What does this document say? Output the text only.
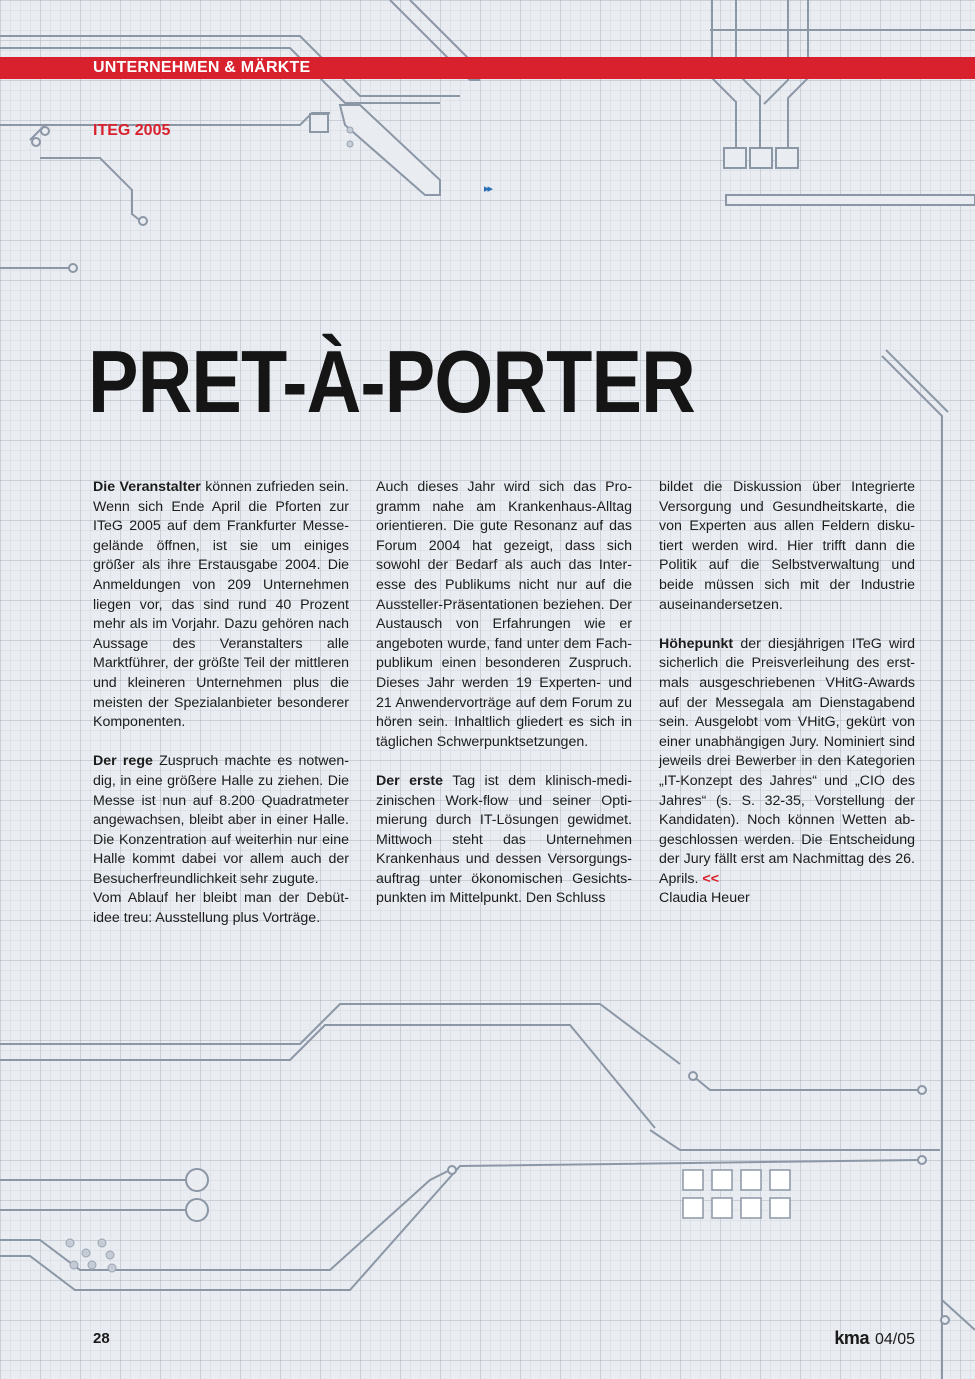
UNTERNEHMEN & MÄRKTE
ITEG 2005
▸▸
PRET-À-PORTER

Die Veranstalter können zufrieden sein. Wenn sich Ende April die Pforten zur ITeG 2005 auf dem Frankfurter Messegelände öffnen, ist sie um einiges größer als ihre Erstausgabe 2004. Die Anmeldungen von 209 Unternehmen liegen vor, das sind rund 40 Prozent mehr als im Vorjahr. Dazu gehören nach Aussage des Veranstalters alle Marktführer, der größte Teil der mittleren und kleineren Unternehmen plus die meisten der Spezialanbieter besonderer Komponenten.

Der rege Zuspruch machte es notwendig, in eine größere Halle zu ziehen. Die Messe ist nun auf 8.200 Quadratmeter angewachsen, bleibt aber in einer Halle. Die Konzentration auf weiterhin nur eine Halle kommt dabei vor allem auch der Besucherfreundlichkeit sehr zugute.

Vom Ablauf her bleibt man der Debütidee treu: Ausstellung plus Vorträge.

Auch dieses Jahr wird sich das Programm nahe am Krankenhaus-Alltag orientieren. Die gute Resonanz auf das Forum 2004 hat gezeigt, dass sich sowohl der Bedarf als auch das Interesse des Publikums nicht nur auf die Aussteller-Präsentationen beziehen. Der Austausch von Erfahrungen wie er angeboten wurde, fand unter dem Fachpublikum einen besonderen Zuspruch. Dieses Jahr werden 19 Experten- und 21 Anwendervorträge auf dem Forum zu hören sein. Inhaltlich gliedert es sich in täglichen Schwerpunktsetzungen.

Der erste Tag ist dem klinisch-medizinischen Work-flow und seiner Optimierung durch IT-Lösungen gewidmet. Mittwoch steht das Unternehmen Krankenhaus und dessen Versorgungsauftrag unter ökonomischen Gesichtspunkten im Mittelpunkt. Den Schluss

bildet die Diskussion über Integrierte Versorgung und Gesundheitskarte, die von Experten aus allen Feldern diskutiert werden wird. Hier trifft dann die Politik auf die Selbstverwaltung und beide müssen sich mit der Industrie auseinandersetzen.

Höhepunkt der diesjährigen ITeG wird sicherlich die Preisverleihung des erstmals ausgeschriebenen VHitG-Awards auf der Messegala am Dienstagabend sein. Ausgelobt vom VHitG, gekürt von einer unabhängigen Jury. Nominiert sind jeweils drei Bewerber in den Kategorien „IT-Konzept des Jahres“ und „CIO des Jahres“ (s. S. 32-35, Vorstellung der Kandidaten). Noch können Wetten abgeschlossen werden. Die Entscheidung der Jury fällt erst am Nachmittag des 26. Aprils. <<

Claudia Heuer

28	kma 04/05
